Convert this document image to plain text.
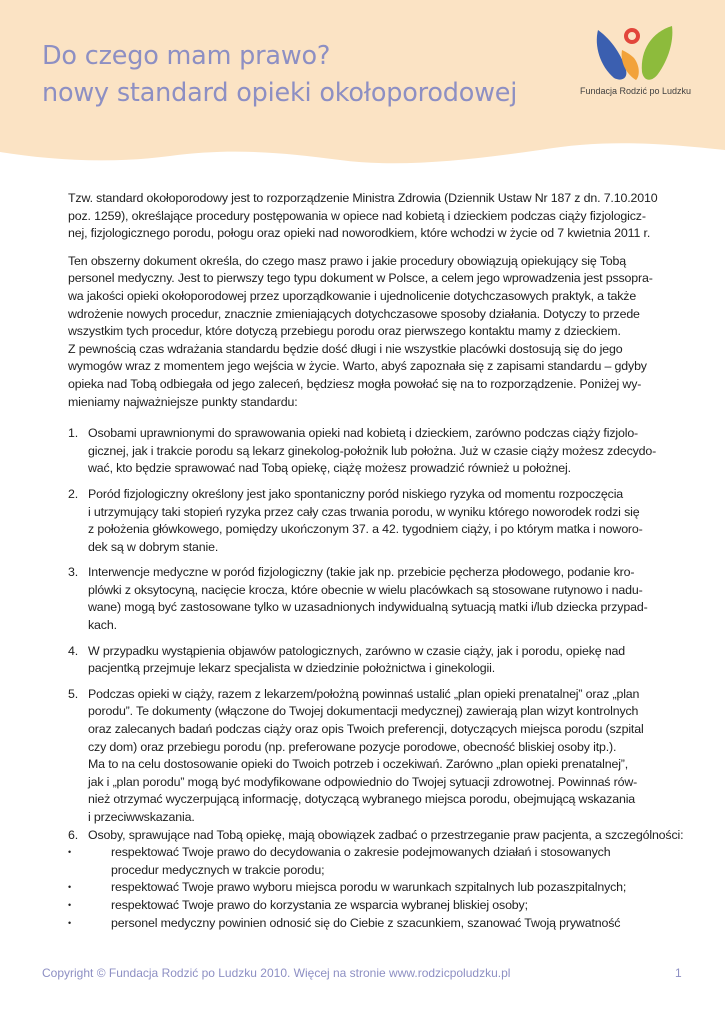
Do czego mam prawo?
nowy standard opieki okołoporodowej	Fundacja Rodzić po Ludzku

Tzw. standard okołoporodowy jest to rozporządzenie Ministra Zdrowia (Dziennik Ustaw Nr 187 z dn. 7.10.2010
poz. 1259), określające procedury postępowania w opiece nad kobietą i dzieckiem podczas ciąży fizjologicz-
nej, fizjologicznego porodu, połogu oraz opieki nad noworodkiem, które wchodzi w życie od 7 kwietnia 2011 r.

Ten obszerny dokument określa, do czego masz prawo i jakie procedury obowiązują opiekujący się Tobą
personel medyczny. Jest to pierwszy tego typu dokument w Polsce, a celem jego wprowadzenia jest pssopra-
wa jakości opieki okołoporodowej przez uporządkowanie i ujednolicenie dotychczasowych praktyk, a także
wdrożenie nowych procedur, znacznie zmieniających dotychczasowe sposoby działania. Dotyczy to przede
wszystkim tych procedur, które dotyczą przebiegu porodu oraz pierwszego kontaktu mamy z dzieckiem.
Z pewnością czas wdrażania standardu będzie dość długi i nie wszystkie placówki dostosują się do jego
wymogów wraz z momentem jego wejścia w życie. Warto, abyś zapoznała się z zapisami standardu – gdyby
opieka nad Tobą odbiegała od jego zaleceń, będziesz mogła powołać się na to rozporządzenie. Poniżej wy-
mieniamy najważniejsze punkty standardu:

1. Osobami uprawnionymi do sprawowania opieki nad kobietą i dzieckiem, zarówno podczas ciąży fizjolo-
gicznej, jak i trakcie porodu są lekarz ginekolog-położnik lub położna. Już w czasie ciąży możesz zdecydo-
wać, kto będzie sprawować nad Tobą opiekę, ciążę możesz prowadzić również u położnej.
2. Poród fizjologiczny określony jest jako spontaniczny poród niskiego ryzyka od momentu rozpoczęcia
i utrzymujący taki stopień ryzyka przez cały czas trwania porodu, w wyniku którego noworodek rodzi się
z położenia główkowego, pomiędzy ukończonym 37. a 42. tygodniem ciąży, i po którym matka i noworo-
dek są w dobrym stanie.
3. Interwencje medyczne w poród fizjologiczny (takie jak np. przebicie pęcherza płodowego, podanie kro-
plówki z oksytocyną, nacięcie krocza, które obecnie w wielu placówkach są stosowane rutynowo i nadu-
wane) mogą być zastosowane tylko w uzasadnionych indywidualną sytuacją matki i/lub dziecka przypad-
kach.
4. W przypadku wystąpienia objawów patologicznych, zarówno w czasie ciąży, jak i porodu, opiekę nad
pacjentką przejmuje lekarz specjalista w dziedzinie położnictwa i ginekologii.
5. Podczas opieki w ciąży, razem z lekarzem/położną powinnaś ustalić „plan opieki prenatalnej” oraz „plan
porodu”. Te dokumenty (włączone do Twojej dokumentacji medycznej) zawierają plan wizyt kontrolnych
oraz zalecanych badań podczas ciąży oraz opis Twoich preferencji, dotyczących miejsca porodu (szpital
czy dom) oraz przebiegu porodu (np. preferowane pozycje porodowe, obecność bliskiej osoby itp.).
Ma to na celu dostosowanie opieki do Twoich potrzeb i oczekiwań. Zarówno „plan opieki prenatalnej”,
jak i „plan porodu” mogą być modyfikowane odpowiednio do Twojej sytuacji zdrowotnej. Powinnaś rów-
nież otrzymać wyczerpującą informację, dotyczącą wybranego miejsca porodu, obejmującą wskazania
i przeciwwskazania.
6. Osoby, sprawujące nad Tobą opiekę, mają obowiązek zadbać o przestrzeganie praw pacjenta, a szczególności:
•	respektować Twoje prawo do decydowania o zakresie podejmowanych działań i stosowanych
procedur medycznych w trakcie porodu;
•	respektować Twoje prawo wyboru miejsca porodu w warunkach szpitalnych lub pozaszpitalnych;
•	respektować Twoje prawo do korzystania ze wsparcia wybranej bliskiej osoby;
•	personel medyczny powinien odnosić się do Ciebie z szacunkiem, szanować Twoją prywatność
Copyright © Fundacja Rodzić po Ludzku 2010. Więcej na stronie www.rodzicpoludzku.pl	1
